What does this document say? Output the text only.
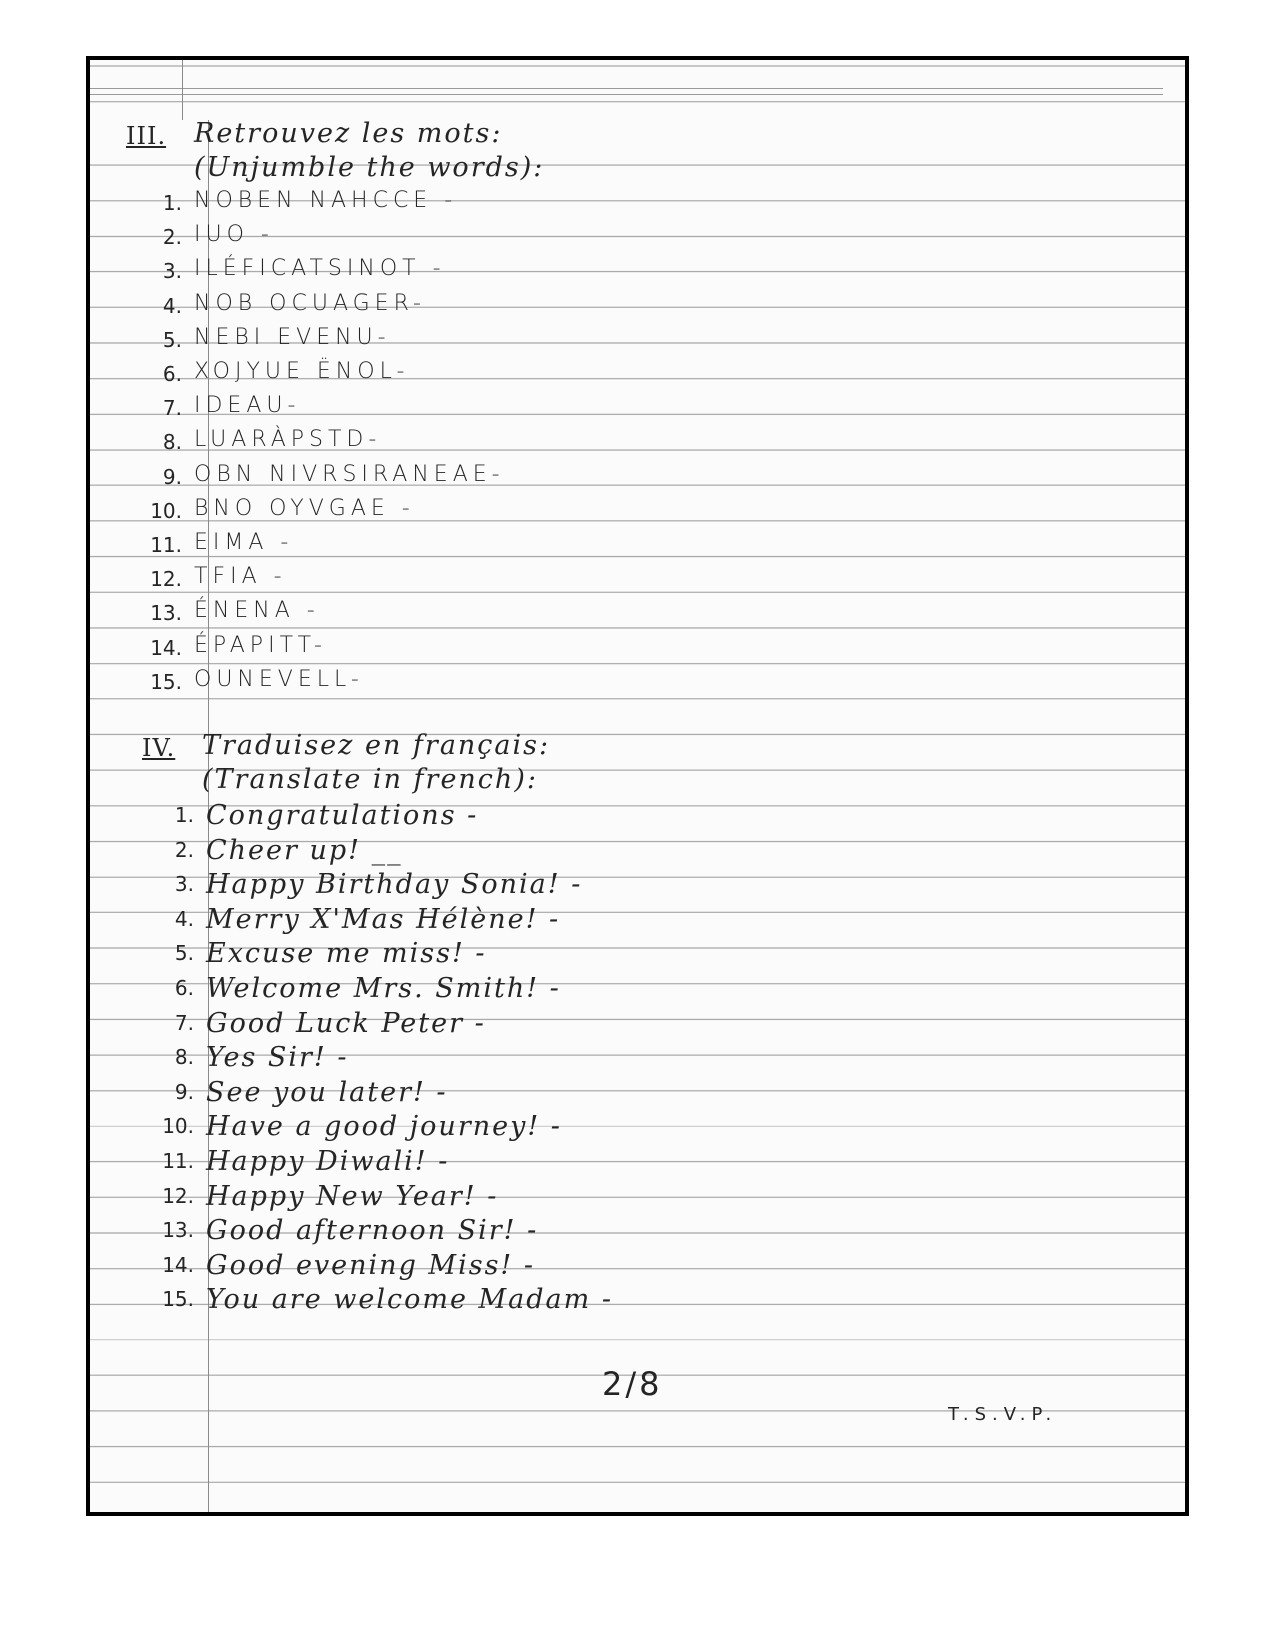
III. Retrouvez les mots:
(Unjumble the words):
1. NOBEN NAHCCE -
2. IUO -
3. ILÉFICATSINOT -
4. NOB OCUAGER-
5. NEBI EVENU-
6. XOJYUE ËNOL-
7. IDEAU-
8. LUARÀPSTD-
9. OBN NIVRSIRANEAE-
10. BNO OYVGAE -
11. EIMA -
12. TFIA -
13. ÉNENA -
14. ÉPAPITT-
15. OUNEVELL-
IV. Traduisez en français:
(Translate in french):
1. Congratulations -
2. Cheer up! __
3. Happy Birthday Sonia! -
4. Merry X'Mas Hélène! -
5. Excuse me miss! -
6. Welcome Mrs. Smith! -
7. Good Luck Peter -
8. Yes Sir! -
9. See you later! -
10. Have a good journey! -
11. Happy Diwali! -
12. Happy New Year! -
13. Good afternoon Sir! -
14. Good evening Miss! -
15. You are welcome Madam -
2/8
T.S.V.P.
